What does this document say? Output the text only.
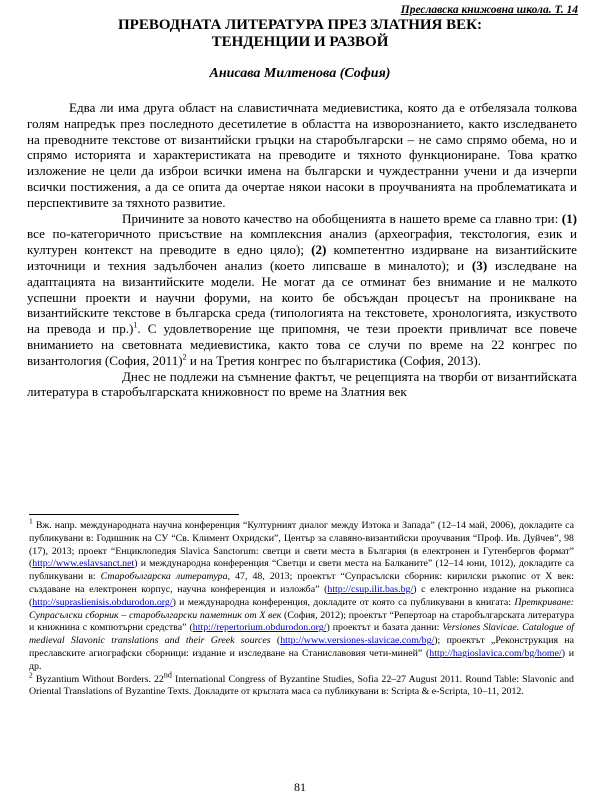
Преславска книжовна школа. Т. 14
ПРЕВОДНАТА ЛИТЕРАТУРА ПРЕЗ ЗЛАТНИЯ ВЕК:
ТЕНДЕНЦИИ И РАЗВОЙ
Анисава Милтенова (София)

Едва ли има друга област на славистичната медиевистика, която да е отбелязала толкова голям напредък през последното десетилетие в областта на изворознанието, както изследването на преводните текстове от византийски гръцки на старобългарски – не само спрямо обема, но и спрямо историята и характеристиката на преводите и тяхното функциониране. Това кратко изложение не цели да изброи всички имена на български и чуждестранни учени и да изчерпи всички постижения, а да се опита да очертае някои насоки в проучванията на проблематиката и перспективите за тяхното развитие.

Причините за новото качество на обобщенията в нашето време са главно три: (1) все по-категоричното присъствие на комплексния анализ (археография, текстология, език и културен контекст на преводите в едно цяло); (2) компетентно издирване на византийските източници и техния задълбочен анализ (което липсваше в миналото); и (3) изследване на адаптацията на византийските модели. Не могат да се отминат без внимание и не малкото успешни проекти и научни форуми, на които бе обсъждан процесът на проникване на византийските текстове в българска среда (типологията на текстовете, хронологията, изкуството на превода и пр.)$^1$. С удовлетворение ще припомня, че тези проекти привличат все повече вниманието на световната медиевистика, както това се случи по време на 22 конгрес по византология (София, 2011)$^2$ и на Третия конгрес по българистика (София, 2013).

Днес не подлежи на съмнение фактът, че рецепцията на творби от византийската литература в старобългарската книжовност по време на Златния век

$^1$ Вж. напр. международната научна конференция “Културният диалог между Изтока и Запада” (12–14 май, 2006), докладите са публикувани в: Годишник на СУ “Св. Климент Охридски”, Център за славяно-византийски проучвания “Проф. Ив. Дуйчев”, 98 (17), 2013; проект “Енциклопедия Slavica Sanctorum: светци и свети места в България (в електронен и Гутенбергов формат” (http://www.eslavsanct.net) и международна конференция “Светци и свети места на Балканите” (12–14 юни, 1012), докладите са публикувани в: Старобългарска литература, 47, 48, 2013; проектът “Супрасълски сборник: кирилски ръкопис от X век: създаване на електронен корпус, научна конференция и изложба” (http://csup.ilit.bas.bg/) с електронно издание на ръкописа (http://supraslienisis.obdurodon.org/) и международна конференция, докладите от която са публикувани в книгата: Преткриване: Супрасълски сборник – старобългарски паметник от X век (София, 2012); проектът “Репертоар на старобългарската литература и книжнина с компютърни средства” (http://repertorium.obdurodon.org/) проектът и базата данни: Versiones Slavicae. Catalogue of medieval Slavonic translations and their Greek sources (http://www.versiones-slavicae.com/bg/); проектът „Реконструкция на преславските агиографски сборници: издание и изследване на Станиславовия чети-миней” (http://hagioslavica.com/bg/home/) и др.

$^2$ Byzantium Without Borders. 22nd International Congress of Byzantine Studies, Sofia 22–27 August 2011. Round Table: Slavonic and Oriental Translations of Byzantine Texts. Докладите от кръглата маса са публикувани в: Scripta & e-Scripta, 10–11, 2012.

81
